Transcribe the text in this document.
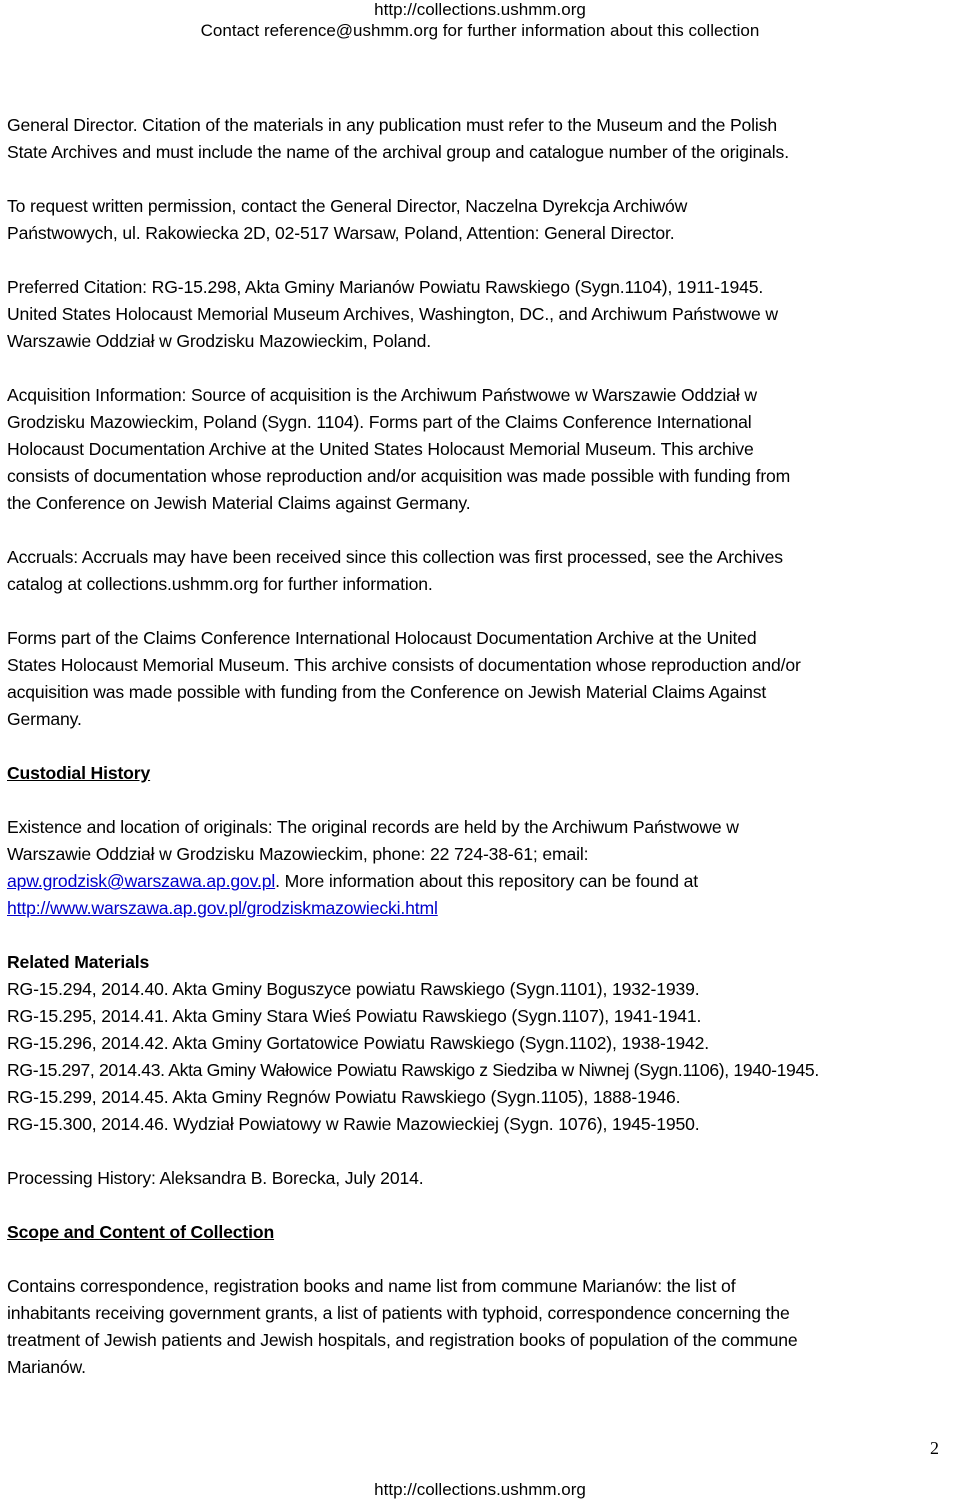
http://collections.ushmm.org
Contact reference@ushmm.org for further information about this collection

General Director. Citation of the materials in any publication must refer to the Museum and the Polish
State Archives and must include the name of the archival group and catalogue number of the originals.

To request written permission, contact the General Director, Naczelna Dyrekcja Archiwów
Państwowych, ul. Rakowiecka 2D, 02-517 Warsaw, Poland, Attention: General Director.

Preferred Citation: RG-15.298, Akta Gminy Marianów Powiatu Rawskiego (Sygn.1104), 1911-1945.
United States Holocaust Memorial Museum Archives, Washington, DC., and Archiwum Państwowe w
Warszawie Oddział w Grodzisku Mazowieckim, Poland.

Acquisition Information: Source of acquisition is the Archiwum Państwowe w Warszawie Oddział w
Grodzisku Mazowieckim, Poland (Sygn. 1104). Forms part of the Claims Conference International
Holocaust Documentation Archive at the United States Holocaust Memorial Museum. This archive
consists of documentation whose reproduction and/or acquisition was made possible with funding from
the Conference on Jewish Material Claims against Germany.

Accruals: Accruals may have been received since this collection was first processed, see the Archives
catalog at collections.ushmm.org for further information.

Forms part of the Claims Conference International Holocaust Documentation Archive at the United
States Holocaust Memorial Museum. This archive consists of documentation whose reproduction and/or
acquisition was made possible with funding from the Conference on Jewish Material Claims Against
Germany.

Custodial History

Existence and location of originals: The original records are held by the Archiwum Państwowe w
Warszawie Oddział w Grodzisku Mazowieckim, phone: 22 724-38-61; email:
apw.grodzisk@warszawa.ap.gov.pl. More information about this repository can be found at
http://www.warszawa.ap.gov.pl/grodziskmazowiecki.html

Related Materials
RG-15.294, 2014.40. Akta Gminy Boguszyce powiatu Rawskiego (Sygn.1101), 1932-1939.
RG-15.295, 2014.41. Akta Gminy Stara Wieś Powiatu Rawskiego (Sygn.1107), 1941-1941.
RG-15.296, 2014.42. Akta Gminy Gortatowice Powiatu Rawskiego (Sygn.1102), 1938-1942.
RG-15.297, 2014.43. Akta Gminy Wałowice Powiatu Rawskigo z Siedziba w Niwnej (Sygn.1106), 1940-1945.
RG-15.299, 2014.45. Akta Gminy Regnów Powiatu Rawskiego (Sygn.1105), 1888-1946.
RG-15.300, 2014.46. Wydział Powiatowy w Rawie Mazowieckiej (Sygn. 1076), 1945-1950.

Processing History: Aleksandra B. Borecka, July 2014.

Scope and Content of Collection

Contains correspondence, registration books and name list from commune Marianów: the list of
inhabitants receiving government grants, a list of patients with typhoid, correspondence concerning the
treatment of Jewish patients and Jewish hospitals, and registration books of population of the commune
Marianów.

2
http://collections.ushmm.org
